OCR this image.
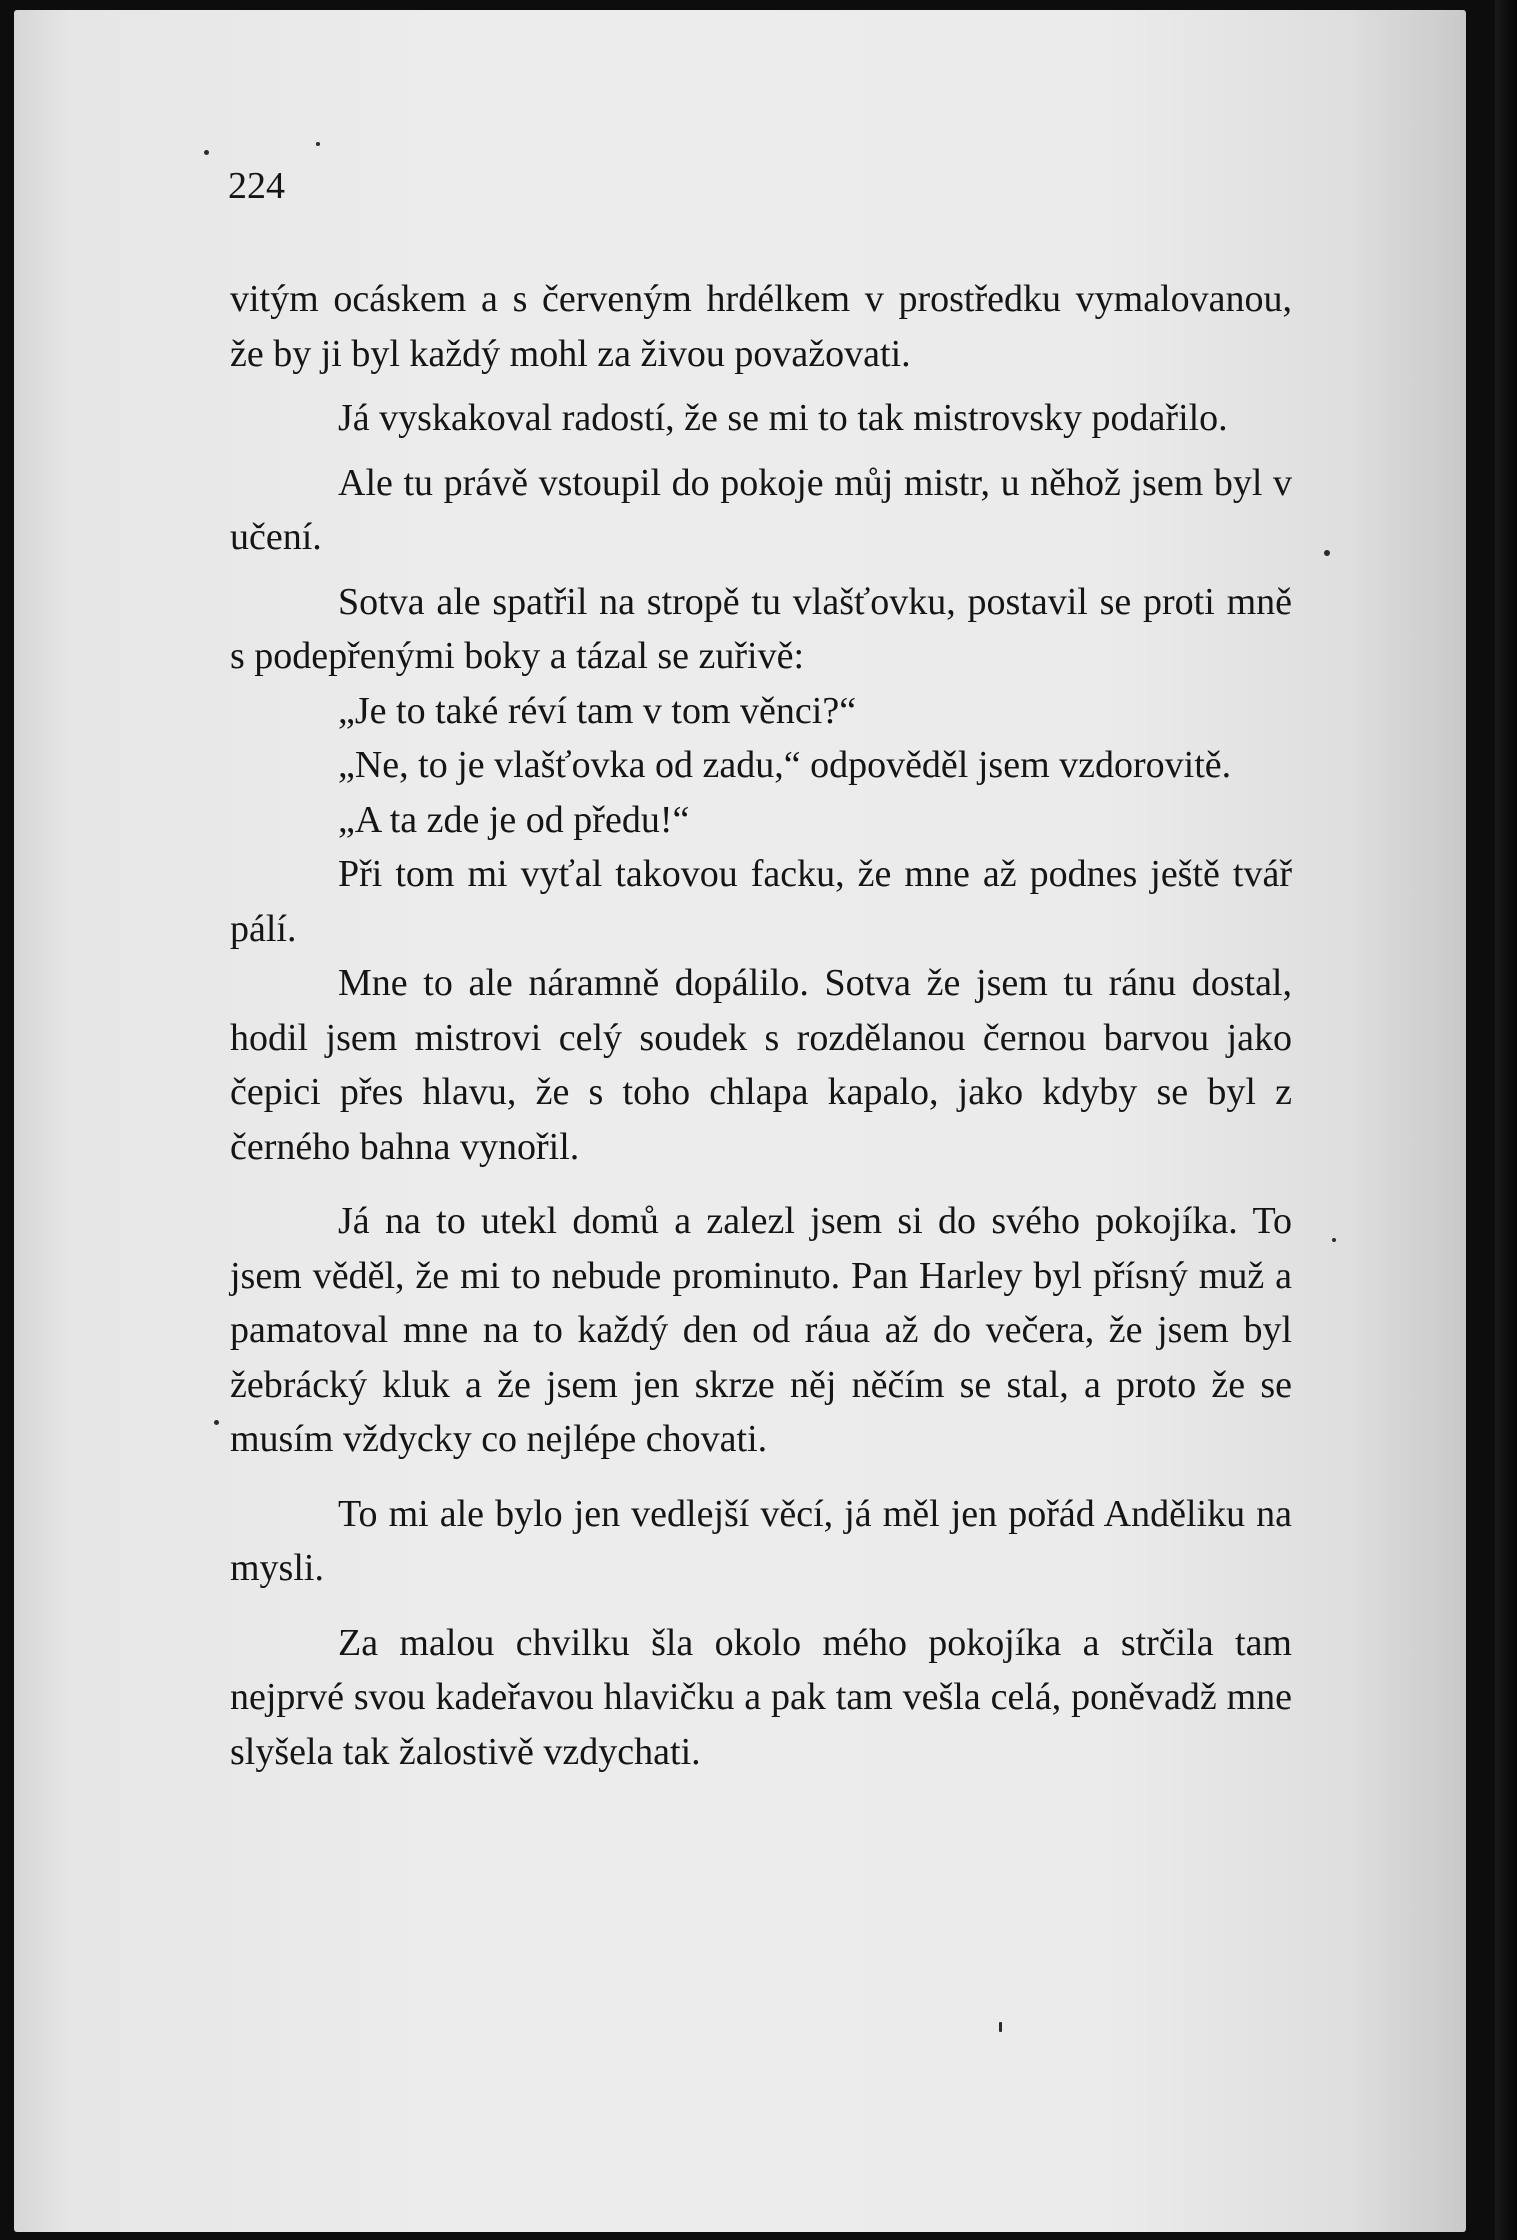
224

vitým ocáskem a s červeným hrdélkem v prostředku vymalovanou, že by ji byl každý mohl za živou považovati.

Já vyskakoval radostí, že se mi to tak mistrovsky podařilo.

Ale tu právě vstoupil do pokoje můj mistr, u něhož jsem byl v učení.

Sotva ale spatřil na stropě tu vlašťovku, postavil se proti mně s podepřenými boky a tázal se zuřivě:

„Je to také réví tam v tom věnci?“

„Ne, to je vlašťovka od zadu,“ odpověděl jsem vzdorovitě.

„A ta zde je od předu!“

Při tom mi vyťal takovou facku, že mne až podnes ještě tvář pálí.

Mne to ale náramně dopálilo. Sotva že jsem tu ránu dostal, hodil jsem mistrovi celý soudek s rozdělanou černou barvou jako čepici přes hlavu, že s toho chlapa kapalo, jako kdyby se byl z černého bahna vynořil.

Já na to utekl domů a zalezl jsem si do svého pokojíka. To jsem věděl, že mi to nebude prominuto. Pan Harley byl přísný muž a pamatoval mne na to každý den od ráua až do večera, že jsem byl žebrácký kluk a že jsem jen skrze něj něčím se stal, a proto že se musím vždycky co nejlépe chovati.

To mi ale bylo jen vedlejší věcí, já měl jen pořád Anděliku na mysli.

Za malou chvilku šla okolo mého pokojíka a strčila tam nejprvé svou kadeřavou hlavičku a pak tam vešla celá, poněvadž mne slyšela tak žalostivě vzdychati.
